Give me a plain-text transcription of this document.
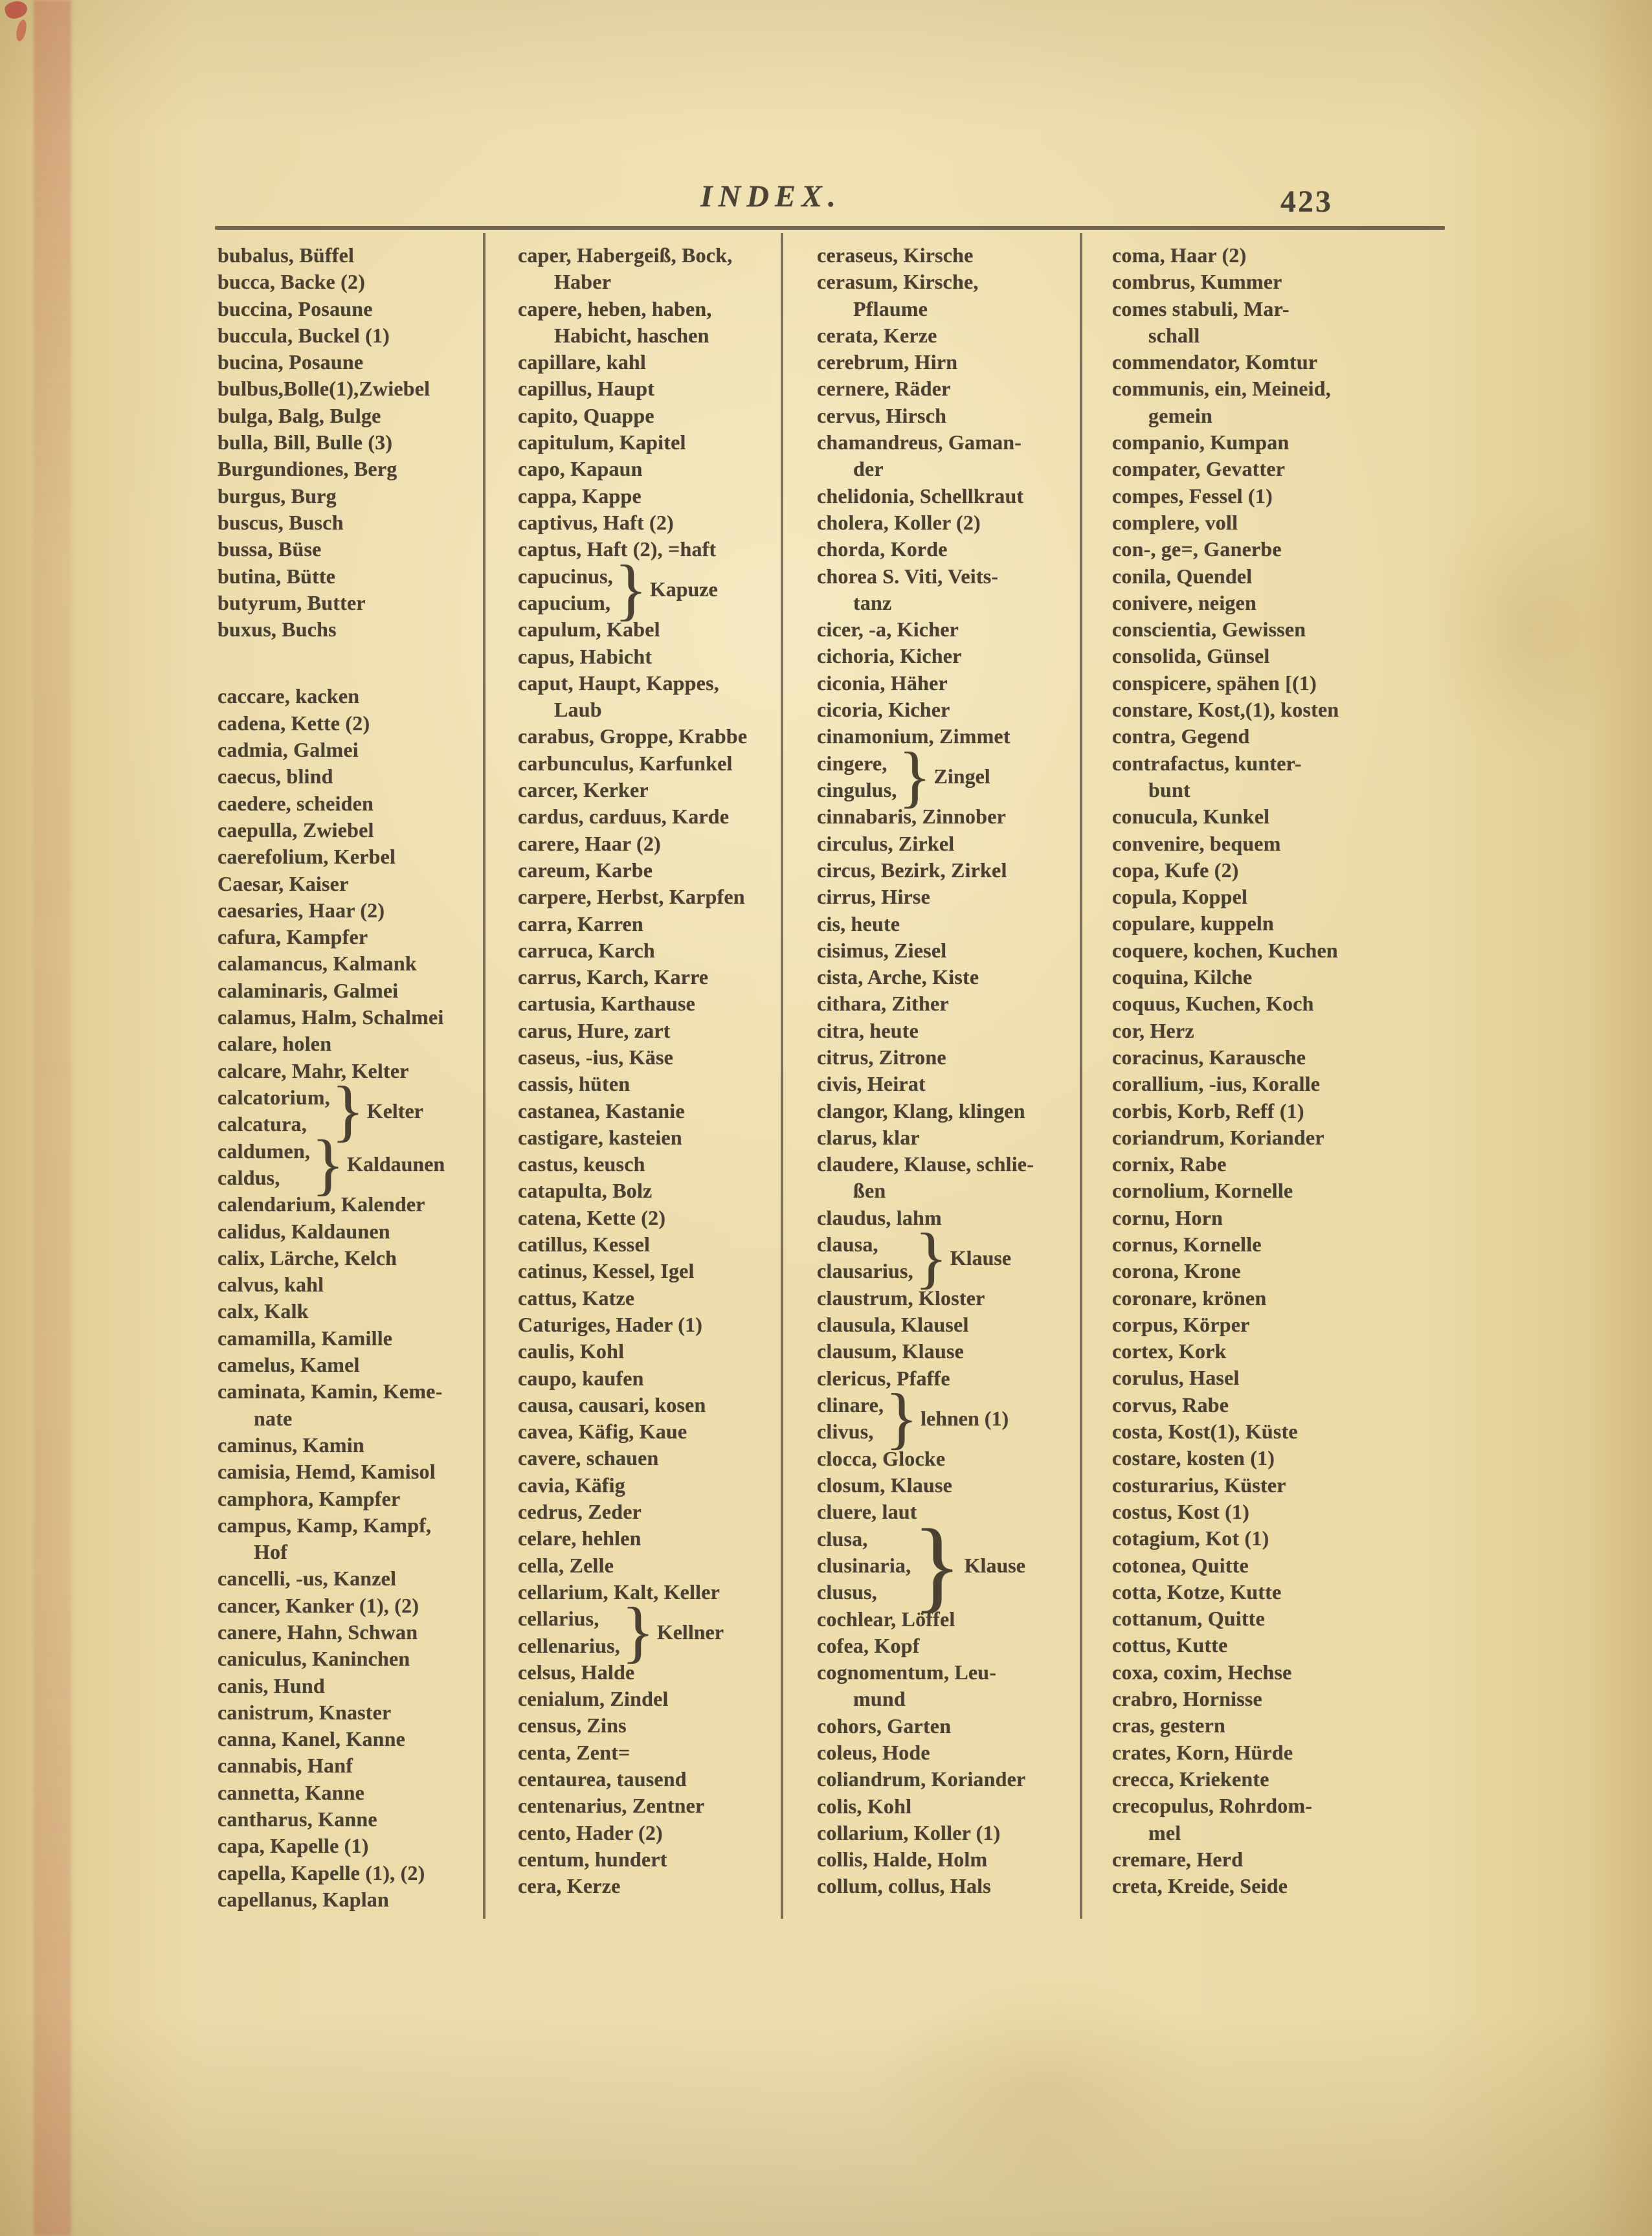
INDEX.	423
bubalus, Büffel
bucca, Backe (2)
buccina, Posaune
buccula, Buckel (1)
bucina, Posaune
bulbus,Bolle(1),Zwiebel
bulga, Balg, Bulge
bulla, Bill, Bulle (3)
Burgundiones, Berg
burgus, Burg
buscus, Busch
bussa, Büse
butina, Bütte
butyrum, Butter
buxus, Buchs
caccare, kacken
cadena, Kette (2)
cadmia, Galmei
caecus, blind
caedere, scheiden
caepulla, Zwiebel
caerefolium, Kerbel
Caesar, Kaiser
caesaries, Haar (2)
cafura, Kampfer
calamancus, Kalmank
calaminaris, Galmei
calamus, Halm, Schalmei
calare, holen
calcare, Mahr, Kelter
calcatorium,
calcatura, } Kelter
caldumen,
caldus, } Kaldaunen
calendarium, Kalender
calidus, Kaldaunen
calix, Lärche, Kelch
calvus, kahl
calx, Kalk
camamilla, Kamille
camelus, Kamel
caminata, Kamin, Keme-
nate
caminus, Kamin
camisia, Hemd, Kamisol
camphora, Kampfer
campus, Kamp, Kampf,
Hof
cancelli, -us, Kanzel
cancer, Kanker (1), (2)
canere, Hahn, Schwan
caniculus, Kaninchen
canis, Hund
canistrum, Knaster
canna, Kanel, Kanne
cannabis, Hanf
cannetta, Kanne
cantharus, Kanne
capa, Kapelle (1)
capella, Kapelle (1), (2)
capellanus, Kaplan
caper, Habergeiß, Bock,
Haber
capere, heben, haben,
Habicht, haschen
capillare, kahl
capillus, Haupt
capito, Quappe
capitulum, Kapitel
capo, Kapaun
cappa, Kappe
captivus, Haft (2)
captus, Haft (2), =haft
capucinus,
capucium, } Kapuze
capulum, Kabel
capus, Habicht
caput, Haupt, Kappes,
Laub
carabus, Groppe, Krabbe
carbunculus, Karfunkel
carcer, Kerker
cardus, carduus, Karde
carere, Haar (2)
careum, Karbe
carpere, Herbst, Karpfen
carra, Karren
carruca, Karch
carrus, Karch, Karre
cartusia, Karthause
carus, Hure, zart
caseus, -ius, Käse
cassis, hüten
castanea, Kastanie
castigare, kasteien
castus, keusch
catapulta, Bolz
catena, Kette (2)
catillus, Kessel
catinus, Kessel, Igel
cattus, Katze
Caturiges, Hader (1)
caulis, Kohl
caupo, kaufen
causa, causari, kosen
cavea, Käfig, Kaue
cavere, schauen
cavia, Käfig
cedrus, Zeder
celare, hehlen
cella, Zelle
cellarium, Kalt, Keller
cellarius,
cellenarius, } Kellner
celsus, Halde
cenialum, Zindel
census, Zins
centa, Zent=
centaurea, tausend
centenarius, Zentner
cento, Hader (2)
centum, hundert
cera, Kerze
ceraseus, Kirsche
cerasum, Kirsche,
Pflaume
cerata, Kerze
cerebrum, Hirn
cernere, Räder
cervus, Hirsch
chamandreus, Gaman-
der
chelidonia, Schellkraut
cholera, Koller (2)
chorda, Korde
chorea S. Viti, Veits-
tanz
cicer, -a, Kicher
cichoria, Kicher
ciconia, Häher
cicoria, Kicher
cinamonium, Zimmet
cingere,
cingulus, } Zingel
cinnabaris, Zinnober
circulus, Zirkel
circus, Bezirk, Zirkel
cirrus, Hirse
cis, heute
cisimus, Ziesel
cista, Arche, Kiste
cithara, Zither
citra, heute
citrus, Zitrone
civis, Heirat
clangor, Klang, klingen
clarus, klar
claudere, Klause, schlie-
ßen
claudus, lahm
clausa,
clausarius, } Klause
claustrum, Kloster
clausula, Klausel
clausum, Klause
clericus, Pfaffe
clinare,
clivus, } lehnen (1)
clocca, Glocke
closum, Klause
cluere, laut
clusa,
clusinaria,
clusus, } Klause
cochlear, Löffel
cofea, Kopf
cognomentum, Leu-
mund
cohors, Garten
coleus, Hode
coliandrum, Koriander
colis, Kohl
collarium, Koller (1)
collis, Halde, Holm
collum, collus, Hals
coma, Haar (2)
combrus, Kummer
comes stabuli, Mar-
schall
commendator, Komtur
communis, ein, Meineid,
gemein
companio, Kumpan
compater, Gevatter
compes, Fessel (1)
complere, voll
con-, ge=, Ganerbe
conila, Quendel
conivere, neigen
conscientia, Gewissen
consolida, Günsel
conspicere, spähen [(1)
constare, Kost,(1), kosten
contra, Gegend
contrafactus, kunter-
bunt
conucula, Kunkel
convenire, bequem
copa, Kufe (2)
copula, Koppel
copulare, kuppeln
coquere, kochen, Kuchen
coquina, Kilche
coquus, Kuchen, Koch
cor, Herz
coracinus, Karausche
corallium, -ius, Koralle
corbis, Korb, Reff (1)
coriandrum, Koriander
cornix, Rabe
cornolium, Kornelle
cornu, Horn
cornus, Kornelle
corona, Krone
coronare, krönen
corpus, Körper
cortex, Kork
corulus, Hasel
corvus, Rabe
costa, Kost(1), Küste
costare, kosten (1)
costurarius, Küster
costus, Kost (1)
cotagium, Kot (1)
cotonea, Quitte
cotta, Kotze, Kutte
cottanum, Quitte
cottus, Kutte
coxa, coxim, Hechse
crabro, Hornisse
cras, gestern
crates, Korn, Hürde
crecca, Kriekente
crecopulus, Rohrdom-
mel
cremare, Herd
creta, Kreide, Seide
